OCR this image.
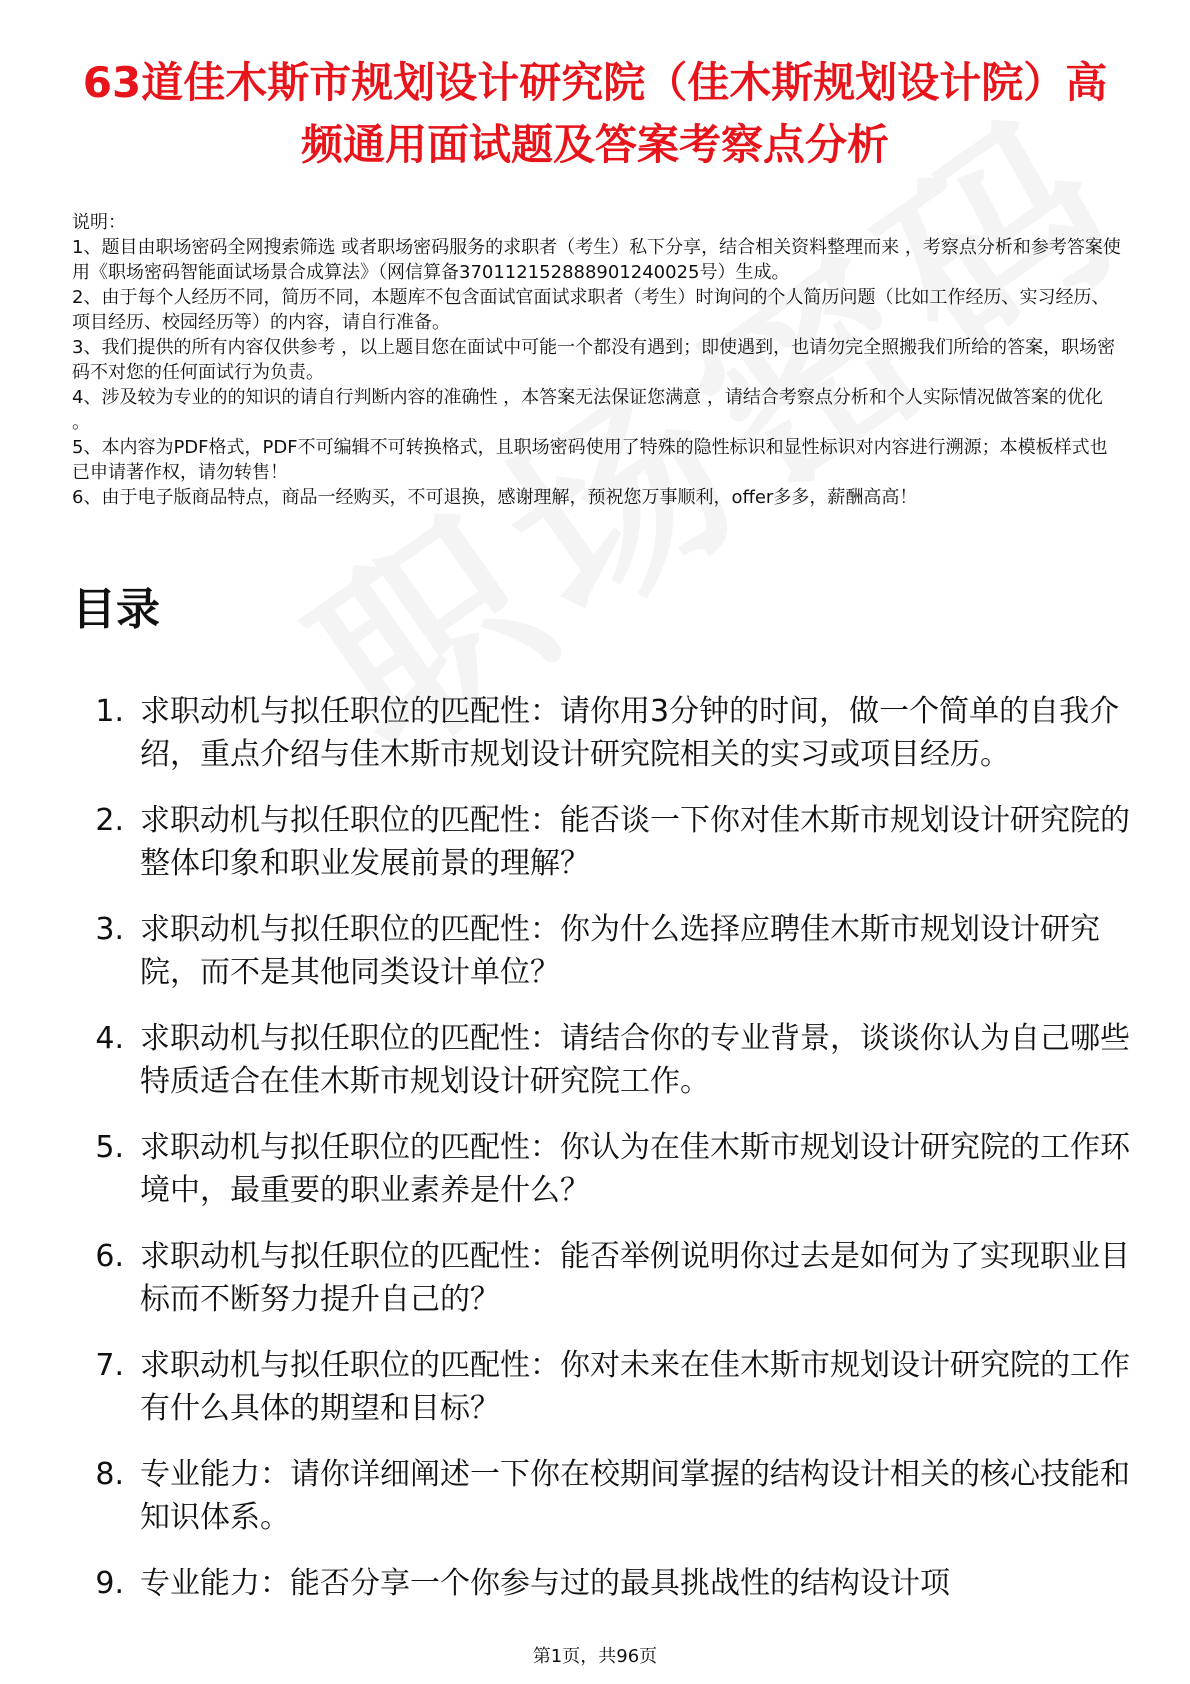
63道佳木斯市规划设计研究院（佳木斯规划设计院）高频通用面试题及答案考察点分析

说明：

1、题目由职场密码全网搜索筛选 或者职场密码服务的求职者（考生）私下分享，结合相关资料整理而来 ，考察点分析和参考答案使用《职场密码智能面试场景合成算法》（网信算备370112152888901240025号）生成。

2、由于每个人经历不同，简历不同，本题库不包含面试官面试求职者（考生）时询问的个人简历问题（比如工作经历、实习经历、项目经历、校园经历等）的内容，请自行准备。

3、我们提供的所有内容仅供参考 ，以上题目您在面试中可能一个都没有遇到；即使遇到，也请勿完全照搬我们所给的答案，职场密码不对您的任何面试行为负责。

4、涉及较为专业的的知识的请自行判断内容的准确性 ，本答案无法保证您满意 ，请结合考察点分析和个人实际情况做答案的优化 。

5、本内容为PDF格式，PDF不可编辑不可转换格式，且职场密码使用了特殊的隐性标识和显性标识对内容进行溯源；本模板样式也已申请著作权，请勿转售！

6、由于电子版商品特点，商品一经购买，不可退换，感谢理解，预祝您万事顺利，offer多多，薪酬高高！

目录
1. 求职动机与拟任职位的匹配性：请你用3分钟的时间，做一个简单的自我介绍，重点介绍与佳木斯市规划设计研究院相关的实习或项目经历。
2. 求职动机与拟任职位的匹配性：能否谈一下你对佳木斯市规划设计研究院的整体印象和职业发展前景的理解？
3. 求职动机与拟任职位的匹配性：你为什么选择应聘佳木斯市规划设计研究院，而不是其他同类设计单位？
4. 求职动机与拟任职位的匹配性：请结合你的专业背景，谈谈你认为自己哪些特质适合在佳木斯市规划设计研究院工作。
5. 求职动机与拟任职位的匹配性：你认为在佳木斯市规划设计研究院的工作环境中，最重要的职业素养是什么？
6. 求职动机与拟任职位的匹配性：能否举例说明你过去是如何为了实现职业目标而不断努力提升自己的？
7. 求职动机与拟任职位的匹配性：你对未来在佳木斯市规划设计研究院的工作有什么具体的期望和目标？
8. 专业能力：请你详细阐述一下你在校期间掌握的结构设计相关的核心技能和知识体系。
9. 专业能力：能否分享一个你参与过的最具挑战性的结构设计项
第1页，共96页
